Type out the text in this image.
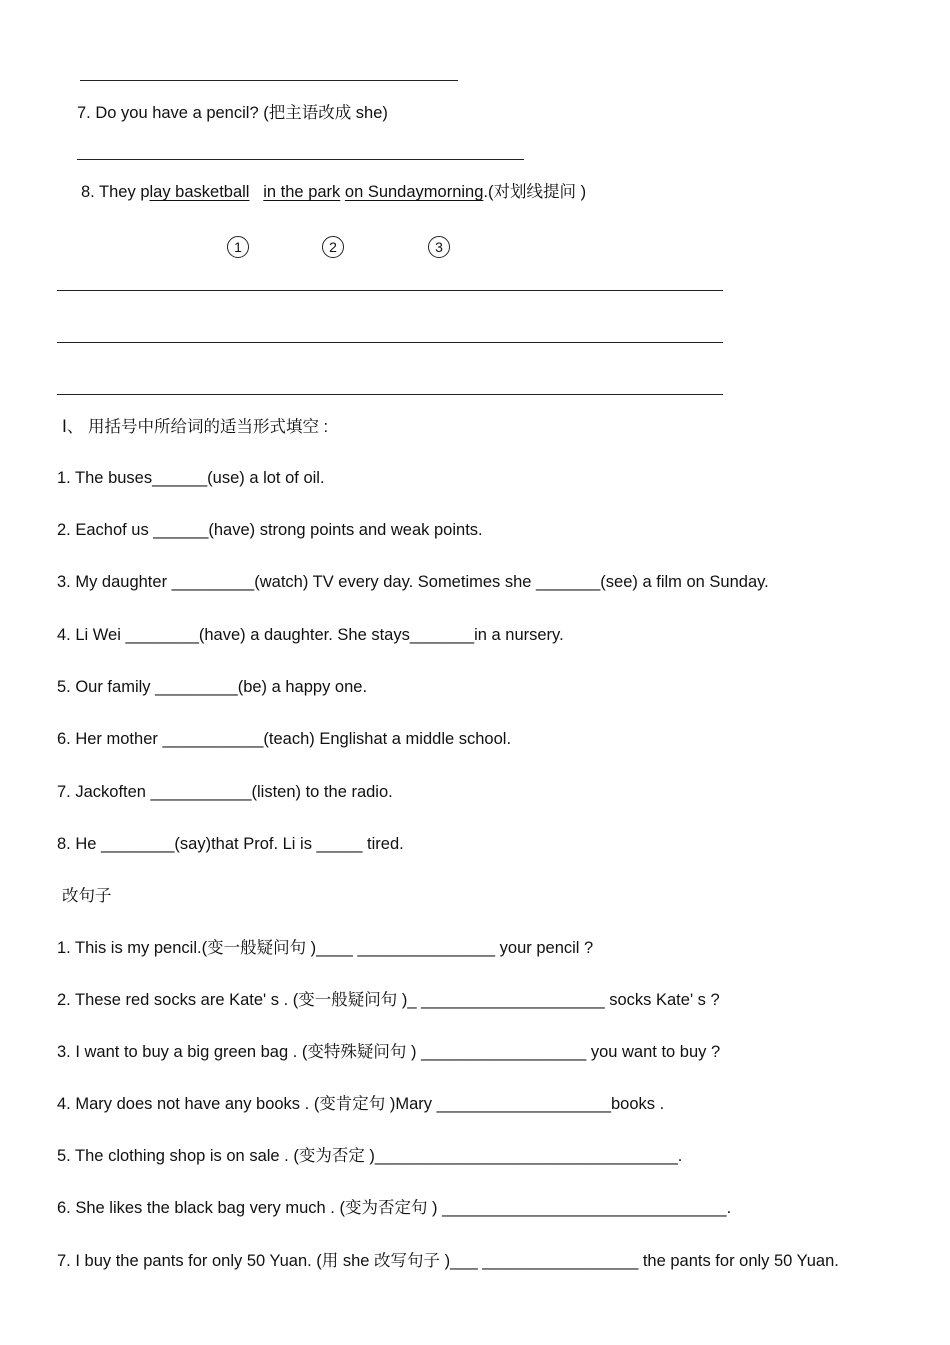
7. Do you have a pencil? (把主语改成 she)
8. They play basketball in the park on Sundaymorning.(对划线提问 )
1	2	3
Ⅰ、 用括号中所给词的适当形式填空 :
1. The buses______(use) a lot of oil.
2. Eachof us ______(have) strong points and weak points.
3. My daughter _________(watch) TV every day. Sometimes she _______(see) a film on Sunday.
4. Li Wei ________(have) a daughter. She stays_______in a nursery.
5. Our family _________(be) a happy one.
6. Her mother ___________(teach) Englishat a middle school.
7. Jackoften ___________(listen) to the radio.
8. He ________(say)that Prof. Li is _____ tired.
改句子
1. This is my pencil.(变一般疑问句 )____ _______________ your pencil ?
2. These red socks are Kate' s . (变一般疑问句 )_ ____________________ socks Kate' s ?
3. I want to buy a big green bag . (变特殊疑问句 ) __________________ you want to buy ?
4. Mary does not have any books . (变肯定句 )Mary ___________________books .
5. The clothing shop is on sale . (变为否定 )_________________________________.
6. She likes the black bag very much . (变为否定句 ) _______________________________.
7. I buy the pants for only 50 Yuan. (用 she 改写句子 )___ _________________ the pants for only 50 Yuan.
